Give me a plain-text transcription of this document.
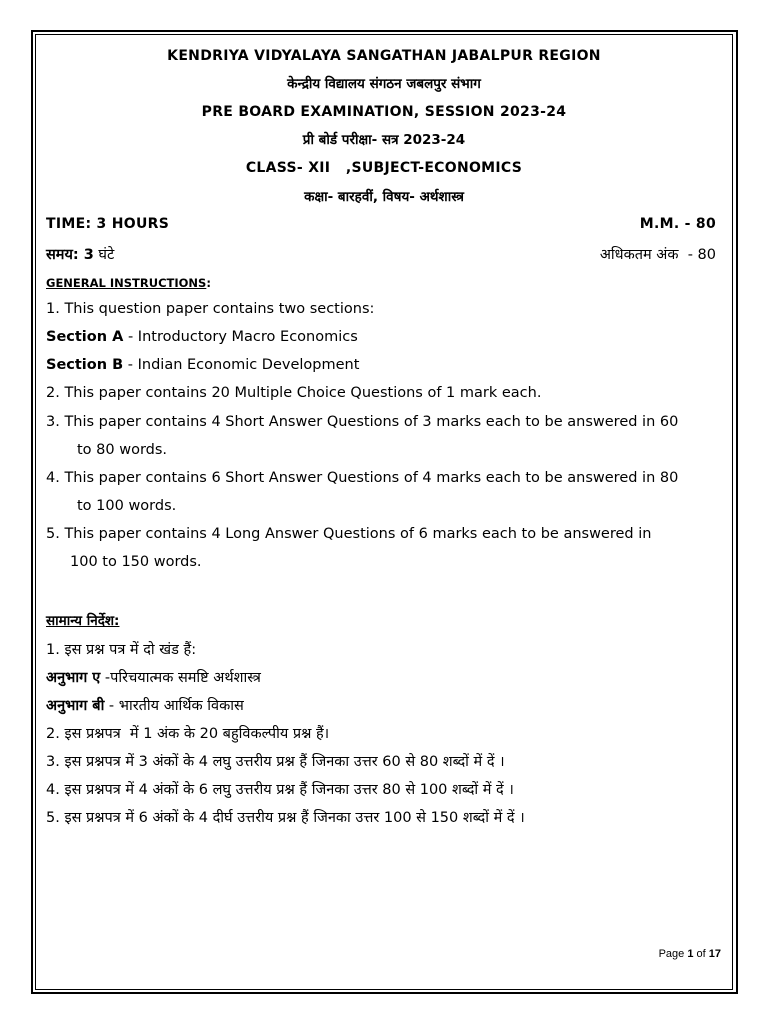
KENDRIYA VIDYALAYA SANGATHAN JABALPUR REGION
केन्द्रीय विद्यालय संगठन जबलपुर संभाग
PRE BOARD EXAMINATION, SESSION 2023-24
प्री बोर्ड परीक्षा- सत्र 2023-24
CLASS- XII   ,SUBJECT-ECONOMICS
कक्षा- बारहवीं, विषय- अर्थशास्त्र
TIME: 3 HOURS	M.M. - 80
समय: 3 घंटे	अधिकतम अंक  - 80
GENERAL INSTRUCTIONS:
1. This question paper contains two sections:
Section A - Introductory Macro Economics
Section B - Indian Economic Development
2. This paper contains 20 Multiple Choice Questions of 1 mark each.
3. This paper contains 4 Short Answer Questions of 3 marks each to be answered in 60
to 80 words.
4. This paper contains 6 Short Answer Questions of 4 marks each to be answered in 80
to 100 words.
5. This paper contains 4 Long Answer Questions of 6 marks each to be answered in
100 to 150 words.
सामान्य निर्देश:
1. इस प्रश्न पत्र में दो खंड हैं:
अनुभाग ए -परिचयात्मक समष्टि अर्थशास्त्र
अनुभाग बी - भारतीय आर्थिक विकास
2. इस प्रश्नपत्र  में 1 अंक के 20 बहुविकल्पीय प्रश्न हैं।
3. इस प्रश्नपत्र में 3 अंकों के 4 लघु उत्तरीय प्रश्न हैं जिनका उत्तर 60 से 80 शब्दों में दें ।
4. इस प्रश्नपत्र में 4 अंकों के 6 लघु उत्तरीय प्रश्न हैं जिनका उत्तर 80 से 100 शब्दों में दें ।
5. इस प्रश्नपत्र में 6 अंकों के 4 दीर्घ उत्तरीय प्रश्न हैं जिनका उत्तर 100 से 150 शब्दों में दें ।
Page 1 of 17
